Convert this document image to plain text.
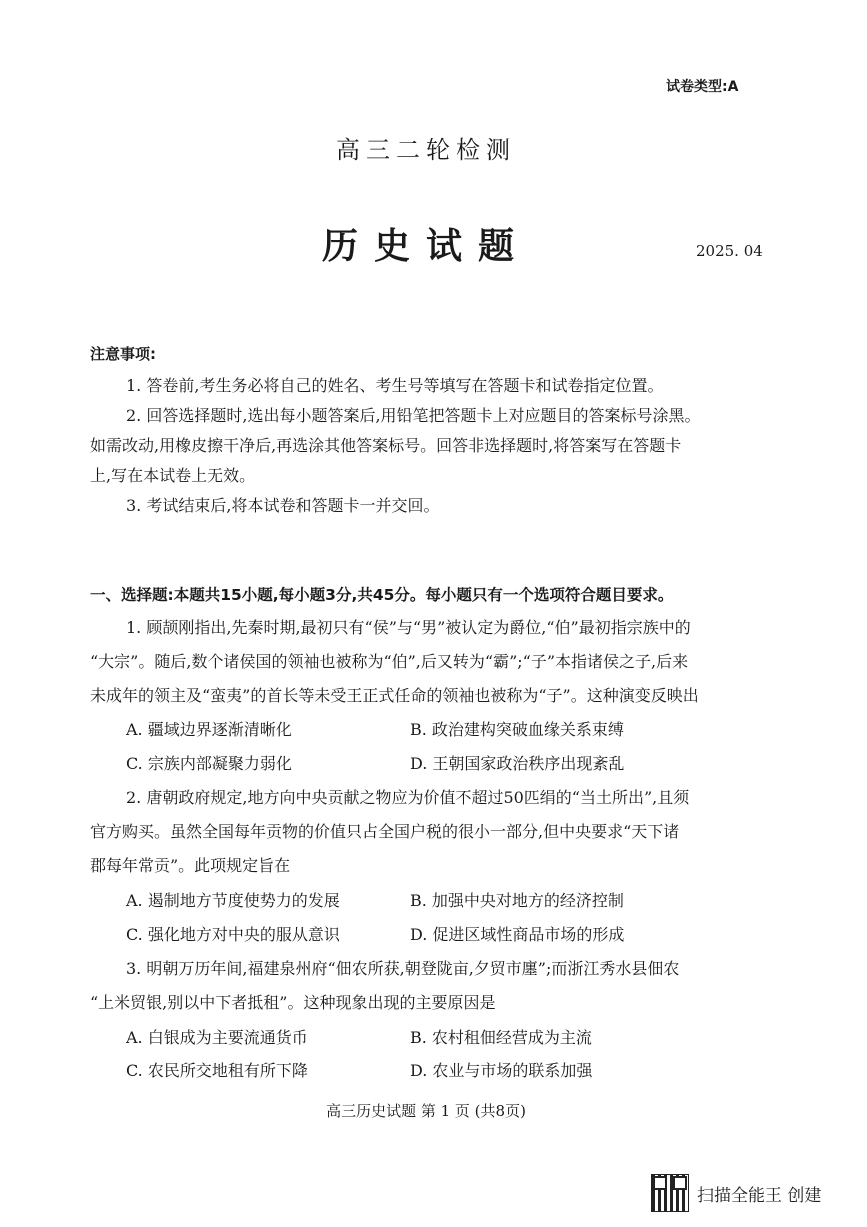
试卷类型:A
高三二轮检测
历史试题	2025. 04
注意事项:
1. 答卷前,考生务必将自己的姓名、考生号等填写在答题卡和试卷指定位置。
2. 回答选择题时,选出每小题答案后,用铅笔把答题卡上对应题目的答案标号涂黑。
如需改动,用橡皮擦干净后,再选涂其他答案标号。回答非选择题时,将答案写在答题卡
上,写在本试卷上无效。
3. 考试结束后,将本试卷和答题卡一并交回。
一、选择题:本题共15小题,每小题3分,共45分。每小题只有一个选项符合题目要求。
1. 顾颉刚指出,先秦时期,最初只有“侯”与“男”被认定为爵位,“伯”最初指宗族中的
“大宗”。随后,数个诸侯国的领袖也被称为“伯”,后又转为“霸”;“子”本指诸侯之子,后来
未成年的领主及“蛮夷”的首长等未受王正式任命的领袖也被称为“子”。这种演变反映出
A. 疆域边界逐渐清晰化	B. 政治建构突破血缘关系束缚
C. 宗族内部凝聚力弱化	D. 王朝国家政治秩序出现紊乱
2. 唐朝政府规定,地方向中央贡献之物应为价值不超过50匹绢的“当土所出”,且须
官方购买。虽然全国每年贡物的价值只占全国户税的很小一部分,但中央要求“天下诸
郡每年常贡”。此项规定旨在
A. 遏制地方节度使势力的发展	B. 加强中央对地方的经济控制
C. 强化地方对中央的服从意识	D. 促进区域性商品市场的形成
3. 明朝万历年间,福建泉州府“佃农所获,朝登陇亩,夕贸市廛”;而浙江秀水县佃农
“上米贸银,别以中下者抵租”。这种现象出现的主要原因是
A. 白银成为主要流通货币	B. 农村租佃经营成为主流
C. 农民所交地租有所下降	D. 农业与市场的联系加强
高三历史试题 第 1 页 (共8页)
扫描全能王 创建
